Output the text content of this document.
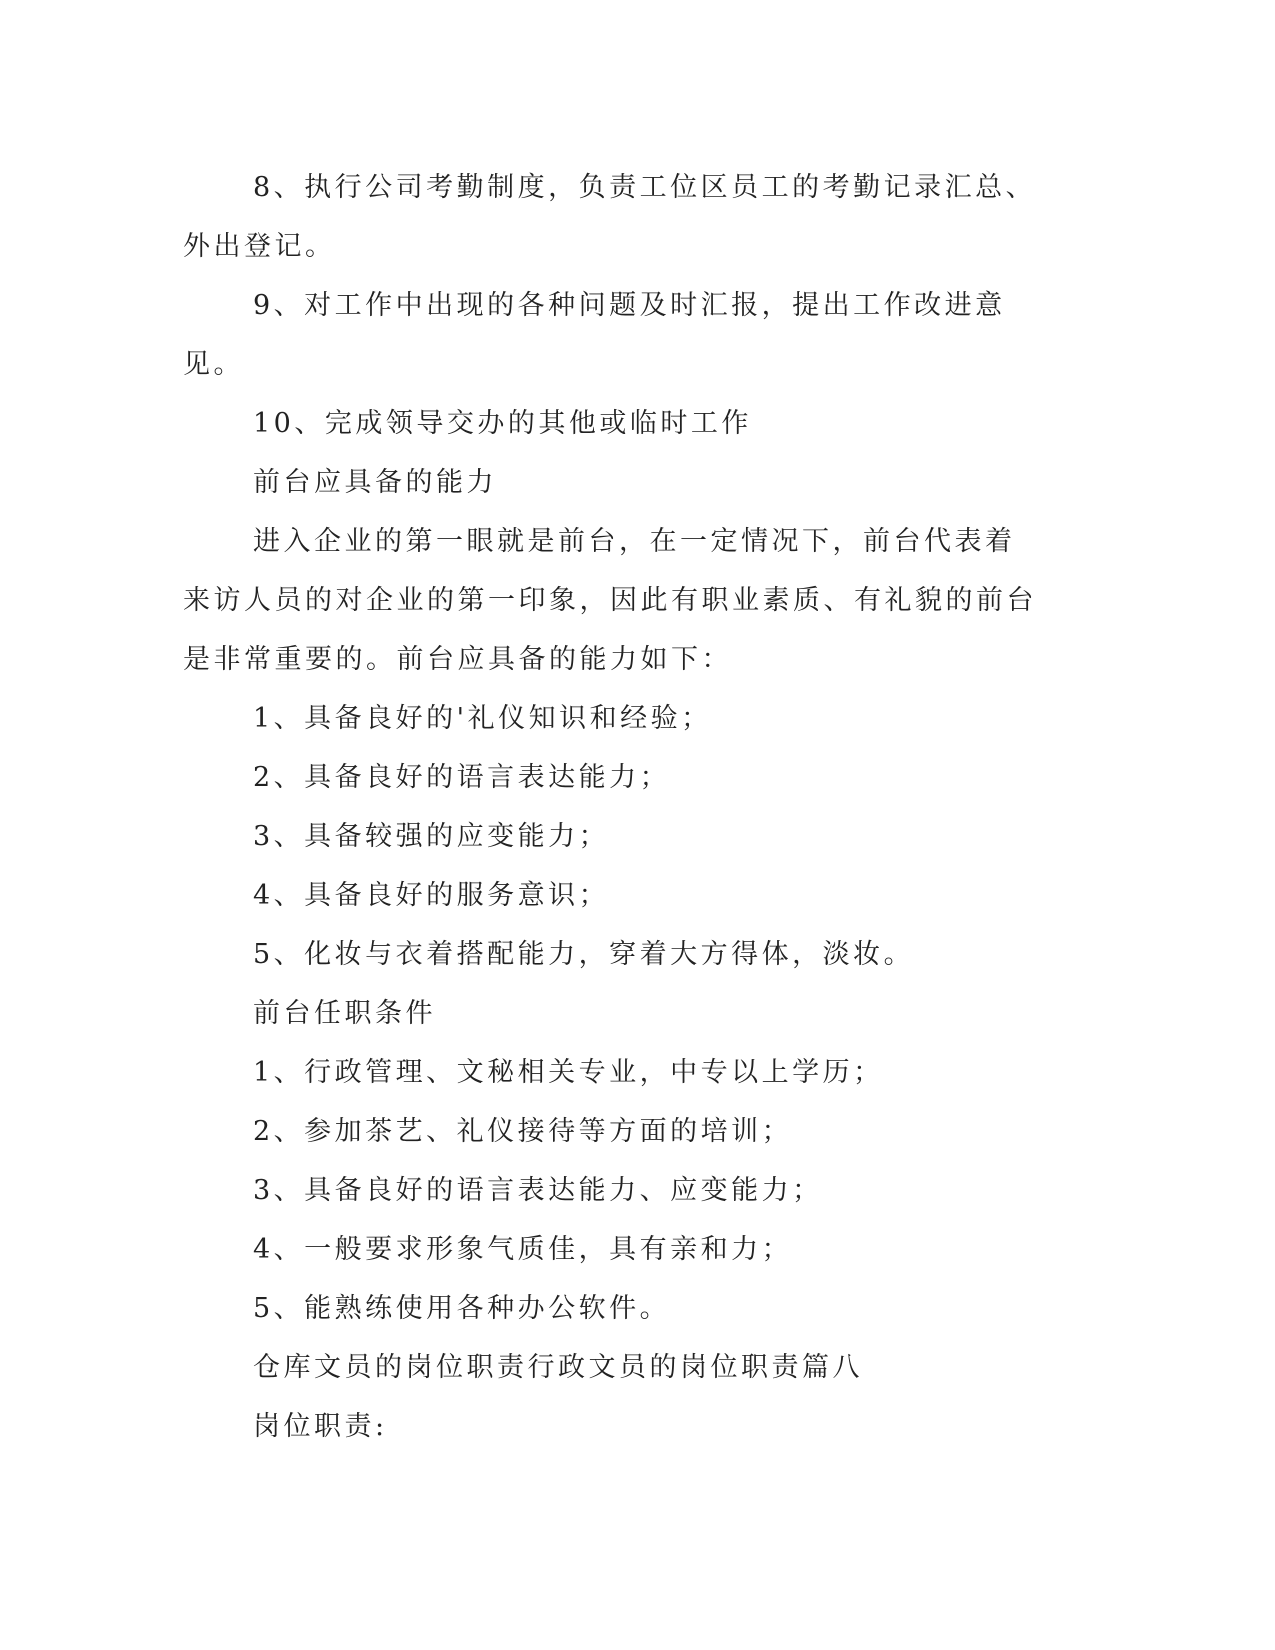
8、执行公司考勤制度，负责工位区员工的考勤记录汇总、外出登记。

9、对工作中出现的各种问题及时汇报，提出工作改进意见。

10、完成领导交办的其他或临时工作

前台应具备的能力

进入企业的第一眼就是前台，在一定情况下，前台代表着来访人员的对企业的第一印象，因此有职业素质、有礼貌的前台是非常重要的。前台应具备的能力如下：

1、具备良好的'礼仪知识和经验；

2、具备良好的语言表达能力；

3、具备较强的应变能力；

4、具备良好的服务意识；

5、化妆与衣着搭配能力，穿着大方得体，淡妆。

前台任职条件

1、行政管理、文秘相关专业，中专以上学历；

2、参加茶艺、礼仪接待等方面的培训；

3、具备良好的语言表达能力、应变能力；

4、一般要求形象气质佳，具有亲和力；

5、能熟练使用各种办公软件。

仓库文员的岗位职责行政文员的岗位职责篇八

岗位职责:
